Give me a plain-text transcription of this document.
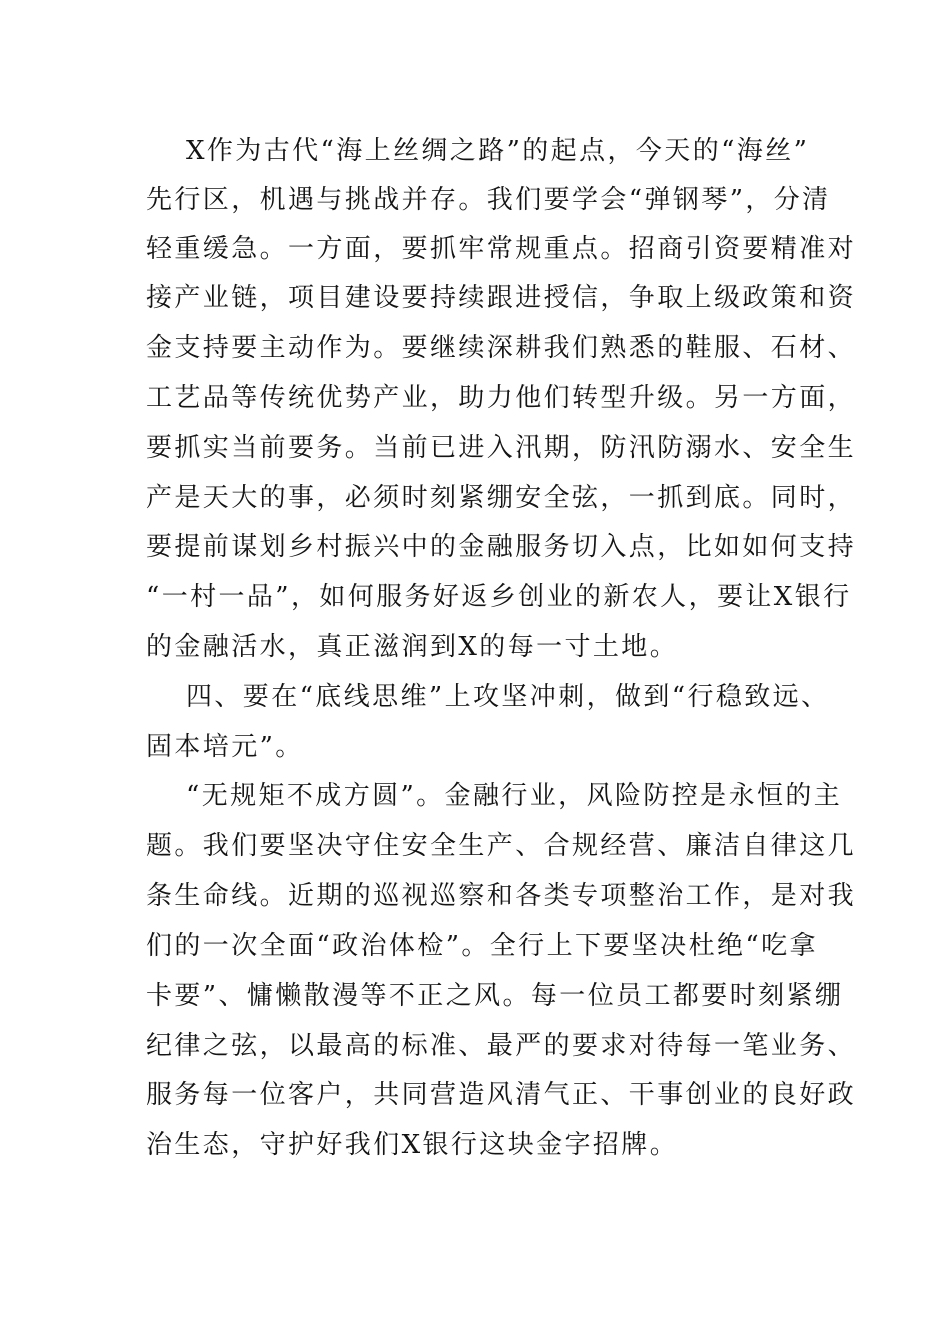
X作为古代“海上丝绸之路”的起点，今天的“海丝”

先行区，机遇与挑战并存。我们要学会“弹钢琴”，分清

轻重缓急。一方面，要抓牢常规重点。招商引资要精准对

接产业链，项目建设要持续跟进授信，争取上级政策和资

金支持要主动作为。要继续深耕我们熟悉的鞋服、石材、

工艺品等传统优势产业，助力他们转型升级。另一方面，

要抓实当前要务。当前已进入汛期，防汛防溺水、安全生

产是天大的事，必须时刻紧绷安全弦，一抓到底。同时，

要提前谋划乡村振兴中的金融服务切入点，比如如何支持

“一村一品”，如何服务好返乡创业的新农人，要让X银行

的金融活水，真正滋润到X的每一寸土地。

四、要在“底线思维”上攻坚冲刺，做到“行稳致远、

固本培元”。

“无规矩不成方圆”。金融行业，风险防控是永恒的主

题。我们要坚决守住安全生产、合规经营、廉洁自律这几

条生命线。近期的巡视巡察和各类专项整治工作，是对我

们的一次全面“政治体检”。全行上下要坚决杜绝“吃拿

卡要”、慵懒散漫等不正之风。每一位员工都要时刻紧绷

纪律之弦，以最高的标准、最严的要求对待每一笔业务、

服务每一位客户，共同营造风清气正、干事创业的良好政

治生态，守护好我们X银行这块金字招牌。
